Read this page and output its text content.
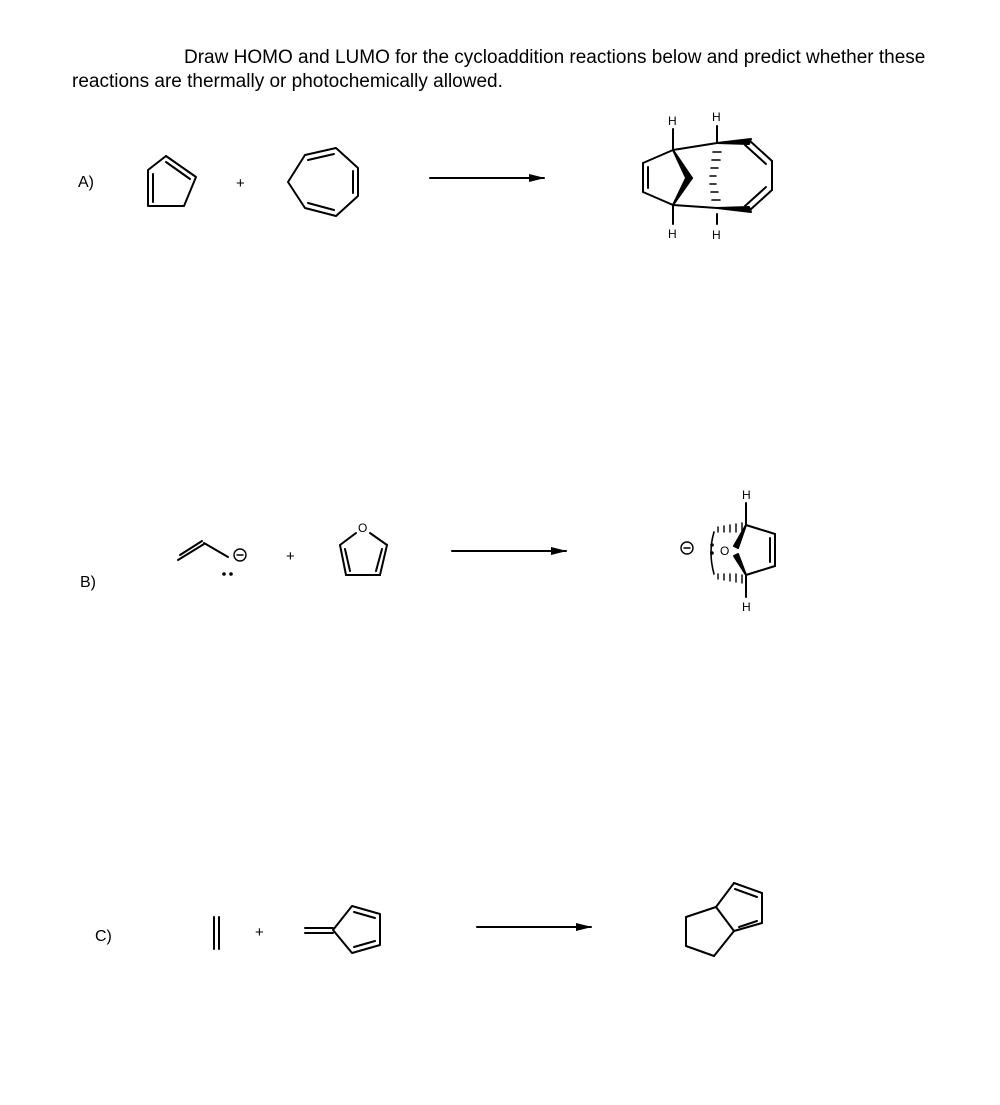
Draw HOMO and LUMO for the cycloaddition reactions below and predict whether these reactions are thermally or photochemically allowed.
A)
B)
C)
+
+
+
H	H
H	H
O
H
H
O
